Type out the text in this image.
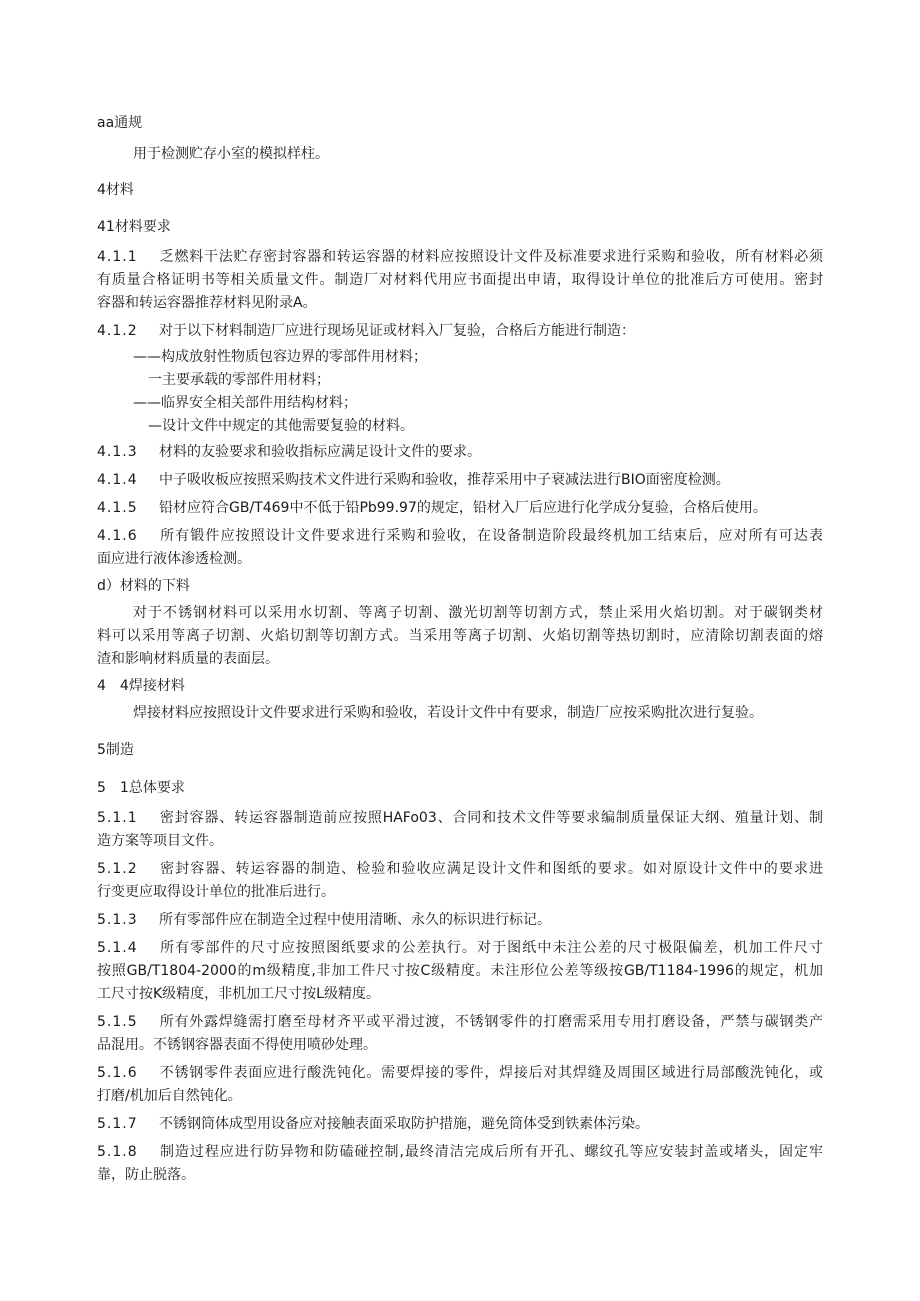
aa通规
用于检测贮存小室的模拟样柱。
4材料
41材料要求
4.1.1 乏燃料干法贮存密封容器和转运容器的材料应按照设计文件及标准要求进行采购和验收，所有材料必须
有质量合格证明书等相关质量文件。制造厂对材料代用应书面提出申请，取得设计单位的批准后方可使用。密封
容器和转运容器推荐材料见附录A。
4.1.2 对于以下材料制造厂应进行现场见证或材料入厂复验，合格后方能进行制造：
——构成放射性物质包容边界的零部件用材料；
一主要承载的零部件用材料；
——临界安全相关部件用结构材料；
—设计文件中规定的其他需要复验的材料。
4.1.3 材料的友验要求和验收指标应满足设计文件的要求。
4.1.4 中子吸收板应按照采购技术文件进行采购和验收，推荐采用中子衰减法进行BIO面密度检测。
4.1.5 铅材应符合GB/T469中不低于铅Pb99.97的规定，铅材入厂后应进行化学成分复验，合格后使用。
4.1.6 所有锻件应按照设计文件要求进行采购和验收，在设备制造阶段最终机加工结束后，应对所有可达表
面应进行液体渗透检测。
d）材料的下料
对于不锈钢材料可以采用水切割、等离子切割、激光切割等切割方式，禁止采用火焰切割。对于碳钢类材
料可以采用等离子切割、火焰切割等切割方式。当采用等离子切割、火焰切割等热切割时，应清除切割表面的熔
渣和影响材料质量的表面层。
4　4焊接材料
焊接材料应按照设计文件要求进行采购和验收，若设计文件中有要求，制造厂应按采购批次进行复验。
5制造
5　1总体要求
5.1.1 密封容器、转运容器制造前应按照HAFo03、合同和技术文件等要求编制质量保证大纲、殖量计划、制
造方案等项目文件。
5.1.2 密封容器、转运容器的制造、检验和验收应满足设计文件和图纸的要求。如对原设计文件中的要求进
行变更应取得设计单位的批准后进行。
5.1.3 所有零部件应在制造全过程中使用清晰、永久的标识进行标记。
5.1.4 所有零部件的尺寸应按照图纸要求的公差执行。对于图纸中未注公差的尺寸极限偏差，机加工件尺寸
按照GB/T1804-2000的m级精度,非加工件尺寸按C级精度。未注形位公差等级按GB/T1184-1996的规定，机加
工尺寸按K级精度，非机加工尺寸按L级精度。
5.1.5 所有外露焊缝需打磨至母材齐平或平滑过渡，不锈钢零件的打磨需采用专用打磨设备，严禁与碳钢类产
品混用。不锈钢容器表面不得使用喷砂处理。
5.1.6 不锈钢零件表面应进行酸洗钝化。需要焊接的零件，焊接后对其焊缝及周围区域进行局部酸洗钝化，或
打磨/机加后自然钝化。
5.1.7 不锈钢筒体成型用设备应对接触表面采取防护措施，避免筒体受到铁素体污染。
5.1.8 制造过程应进行防异物和防磕碰控制,最终清洁完成后所有开孔、螺纹孔等应安装封盖或堵头，固定牢
靠，防止脱落。
